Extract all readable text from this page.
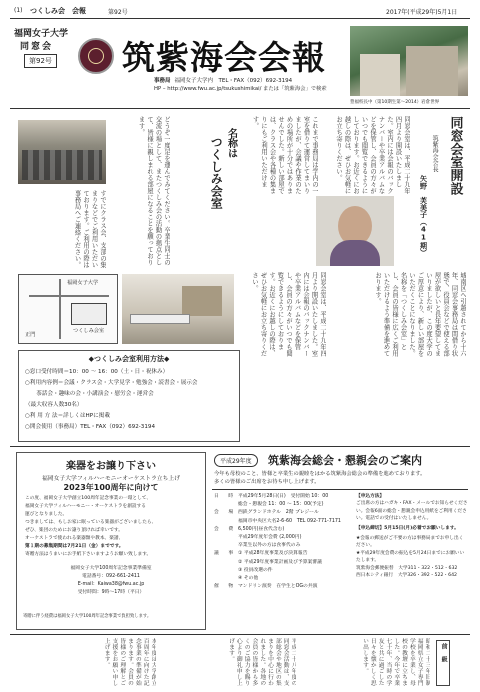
(1) つくしみ会　会報	第92号	2017年(平成29年)5月1日
福岡女子大学
同窓会
第92号 筑紫海会会報
事務局 福岡女子大学内　TEL・FAX（092）692-3194
HP – http://www.fwu.ac.jp/tsukushimikai/ または「筑紫海会」で検索
豊福校長中（第10期生第～2014）岩倉世界
同窓会室開設
筑紫海会会長
矢野　芙美子（41期）
同窓会室は、平成二十九年四月より開設いたしました。室内には会報のバックナンバーや卒業アルバムなどを保管し、会員の方々がいつでも閲覧できるようにしております。お近くにお越しの際は、ぜひお気軽にお立ち寄りください。
これまで事務局は学内の一室を借りて運営してまいりましたが、会議や作業のための場所が十分ではありませんでした。新しい部屋では、クラス会や各種の集まりにもご利用いただけます。
どうぞ一度足を運んでみてください。卒業生同士の交流の場として、またつくしみ会の活動の拠点として、皆様に親しまれる部屋になることを願っております。
名称は
つくしみ会室
すでにクラス会、支部の集まりなどでご利用いただいております。ご利用の際は事務局へご連絡ください。
城南区へ引越されてから十六年、同窓会事務局は間借り状態で、役員会などで使える部屋が欲しいと長年要望してまいりましたが、この度大学のご厚意により、新しい部屋をいただくことになりました。名称を「つくしみ会室」とし、会員の皆様に広くご利用いただけるよう準備を進めております。
同窓会室は、平成二十九年四月より開設いたしました。室内には会報のバックナンバーや卒業アルバムなどを保管し、会員の方々がいつでも閲覧できるようにしております。お近くにお越しの際は、ぜひお気軽にお立ち寄りください。
福岡女子大学
つくしみ会室
正門
◆つくしみ会室利用方法◆
○窓口受付時間＝10：00 ～ 16：00（土・日・祝休み）
○利用内容例＝会議・クラス会・大学見学・勉強会・読書会・展示会
　　茶話会・趣味の会・小講演会・慰労会・運営会
（最大収容人数30名）
○利 用 方 法＝詳しくはHPに掲載
○開会使用（事務局）TEL・FAX（092）692-3194
楽器をお譲り下さい
福岡女子大学フィルハーモニーオーケストラ立ち上げ
2023年100周年に向けて
この度、福岡女子大学創立100周年記念事業の一環として、
福岡女子大学フィルハーモニー・オーケストラを創設する
運びとなりました。
つきましては、もしお家に眠っている楽器がございましたら、
ぜひ、楽団のためにお譲り頂ければ幸いです。
オーケストラで使われる楽器類や教本、楽譜、
第１期の募集期間は7月21日（金）までです。
寄贈方法はうまいにお手紙下さいますようお願い致します。
福岡女子大学100周年記念事業準備室
電話番号：092-661-2411
E-mail：Kaiwa38@fwu.ac.jp
受付時間：9時～17時（平日）
寄贈に伴う経費は福岡女子大学100周年記念事業で負担致します。
平成29年度	筑紫海会総会・懇親会のご案内
今年も母校のこと、皆様と卒業生の親睦をはかる筑紫海会総会の準備を進めております。
多くの皆様のご出席をお待ち申し上げます。
日　　時 平成29年5月28日(日)　受付開始 10：00
総会・懇親会 11：00 ～ 15：00(予定)
会　　場 西鉄グランドホテル　2階 プレジール
福岡市中央区大名2-6-60　TEL 092-771-7171
会　　費 6,500円(昼食代含む)
平成29年度年会費 (2,000円)
卒業生以外の方は食事代のみ
議　　事 ① 平成28年度事業及び決算報告
② 平成29年度事業計画及び予算案審議
③ 役員改選の件
④ その他
催　　物 マンドリン演奏　在学生とOGの共演
【申込方法】
ご出席の方はハガキ・FAX・メールでお知らせください。会報6面の総会・懇親会申込用紙をご利用ください。電話での受付はいたしません。
【申込締切】5月15日(月)必着でお願いします。
★会報の郵送がご不要の方は事務局までお申し出ください。
★平成29年度会費の振込を5月24日までにお願いいたします。
筑紫海会郵便振替　大学311・322・512・632
西日本シティ銀行　大学326・392・522・642
昭和二十三年旧制福岡県立女子専門学校を卒業し、母校の教壇に立ちました。今年で卒業七十年、当時の学友と共に過ごした日々を懐かしく思い出します。
平成二十八年度の同窓会活動は、支部総会や地区の集まりを中心に行われました。各地の会員の皆様から多くのご協力を賜り心より御礼申し上げます。
本年度は大学創立百周年に向けた記念事業の準備が始まります。会員の皆様のご理解とご支援をお願い申し上げます。	前 級
